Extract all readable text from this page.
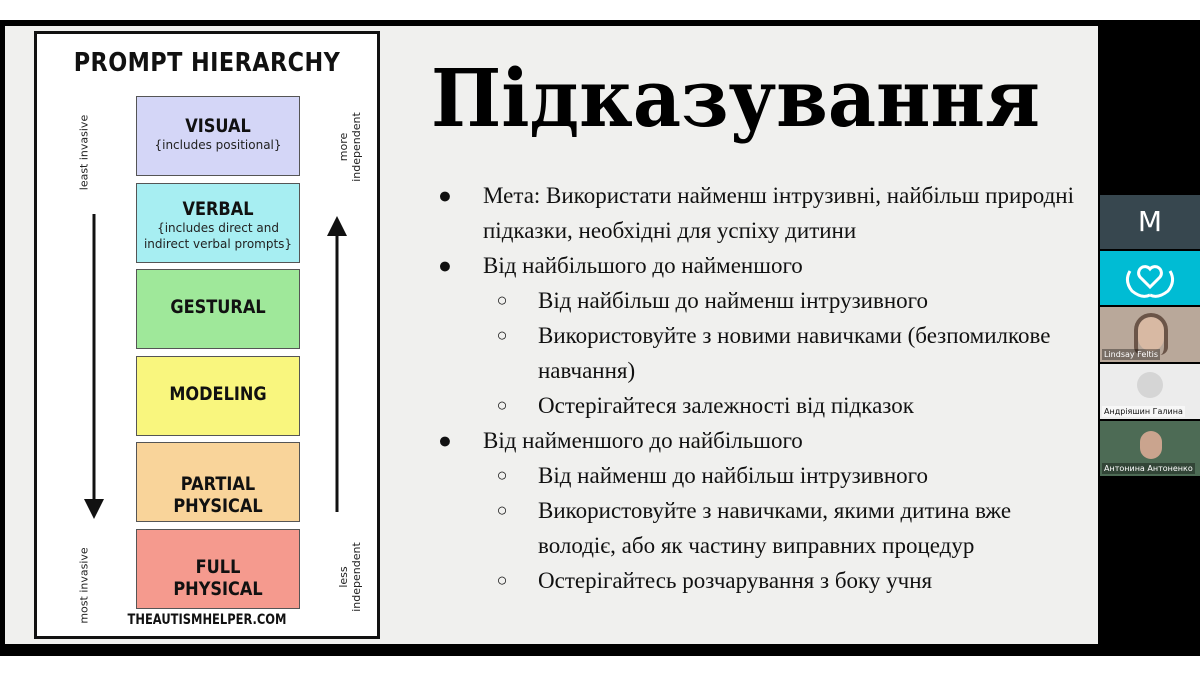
PROMPT HIERARCHY
least invasive
most invasive
more independent
less independent
VISUAL
{includes positional}
VERBAL
{includes direct and indirect verbal prompts}
GESTURAL
MODELING
PARTIAL PHYSICAL
FULL PHYSICAL
THEAUTISMHELPER.COM
Підказування
● Мета: Використати найменш інтрузивні, найбільш природні підказки, необхідні для успіху дитини
● Від найбільшого до найменшого
○ Від найбільш до найменш інтрузивного
○ Використовуйте з новими навичками (безпомилкове навчання)
○ Остерігайтеся залежності від підказок
● Від найменшого до найбільшого
○ Від найменш до найбільш інтрузивного
○ Використовуйте з навичками, якими дитина вже володіє, або як частину виправних процедур
○ Остерігайтесь розчарування з боку учня
M
Lindsay Feltis
Андріяшин Галина
Антонина Антоненко
